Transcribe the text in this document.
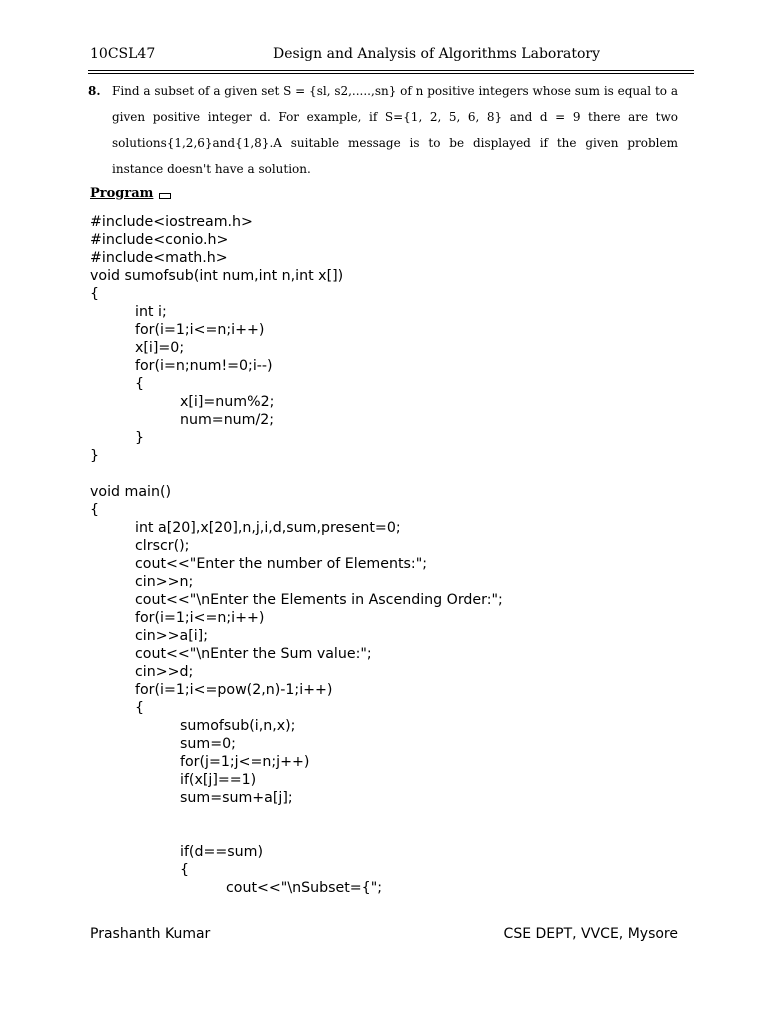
10CSL47	Design and Analysis of Algorithms Laboratory
8. Find a subset of a given set S = {sl, s2,.....,sn} of n positive integers whose sum is equal to a given positive integer d. For example, if S={1, 2, 5, 6, 8} and d = 9 there are two solutions{1,2,6}and{1,8}.A suitable message is to be displayed if the given problem instance doesn't have a solution.
Program
#include<iostream.h>
#include<conio.h>
#include<math.h>
void sumofsub(int num,int n,int x[])
{
int i;
for(i=1;i<=n;i++)
x[i]=0;
for(i=n;num!=0;i--)
{
x[i]=num%2;
num=num/2;
}
}
void main()
{
int a[20],x[20],n,j,i,d,sum,present=0;
clrscr();
cout<<"Enter the number of Elements:";
cin>>n;
cout<<"\nEnter the Elements in Ascending Order:";
for(i=1;i<=n;i++)
cin>>a[i];
cout<<"\nEnter the Sum value:";
cin>>d;
for(i=1;i<=pow(2,n)-1;i++)
{
sumofsub(i,n,x);
sum=0;
for(j=1;j<=n;j++)
if(x[j]==1)
sum=sum+a[j];
if(d==sum)
{
cout<<"\nSubset={";
Prashanth Kumar	CSE DEPT, VVCE, Mysore
